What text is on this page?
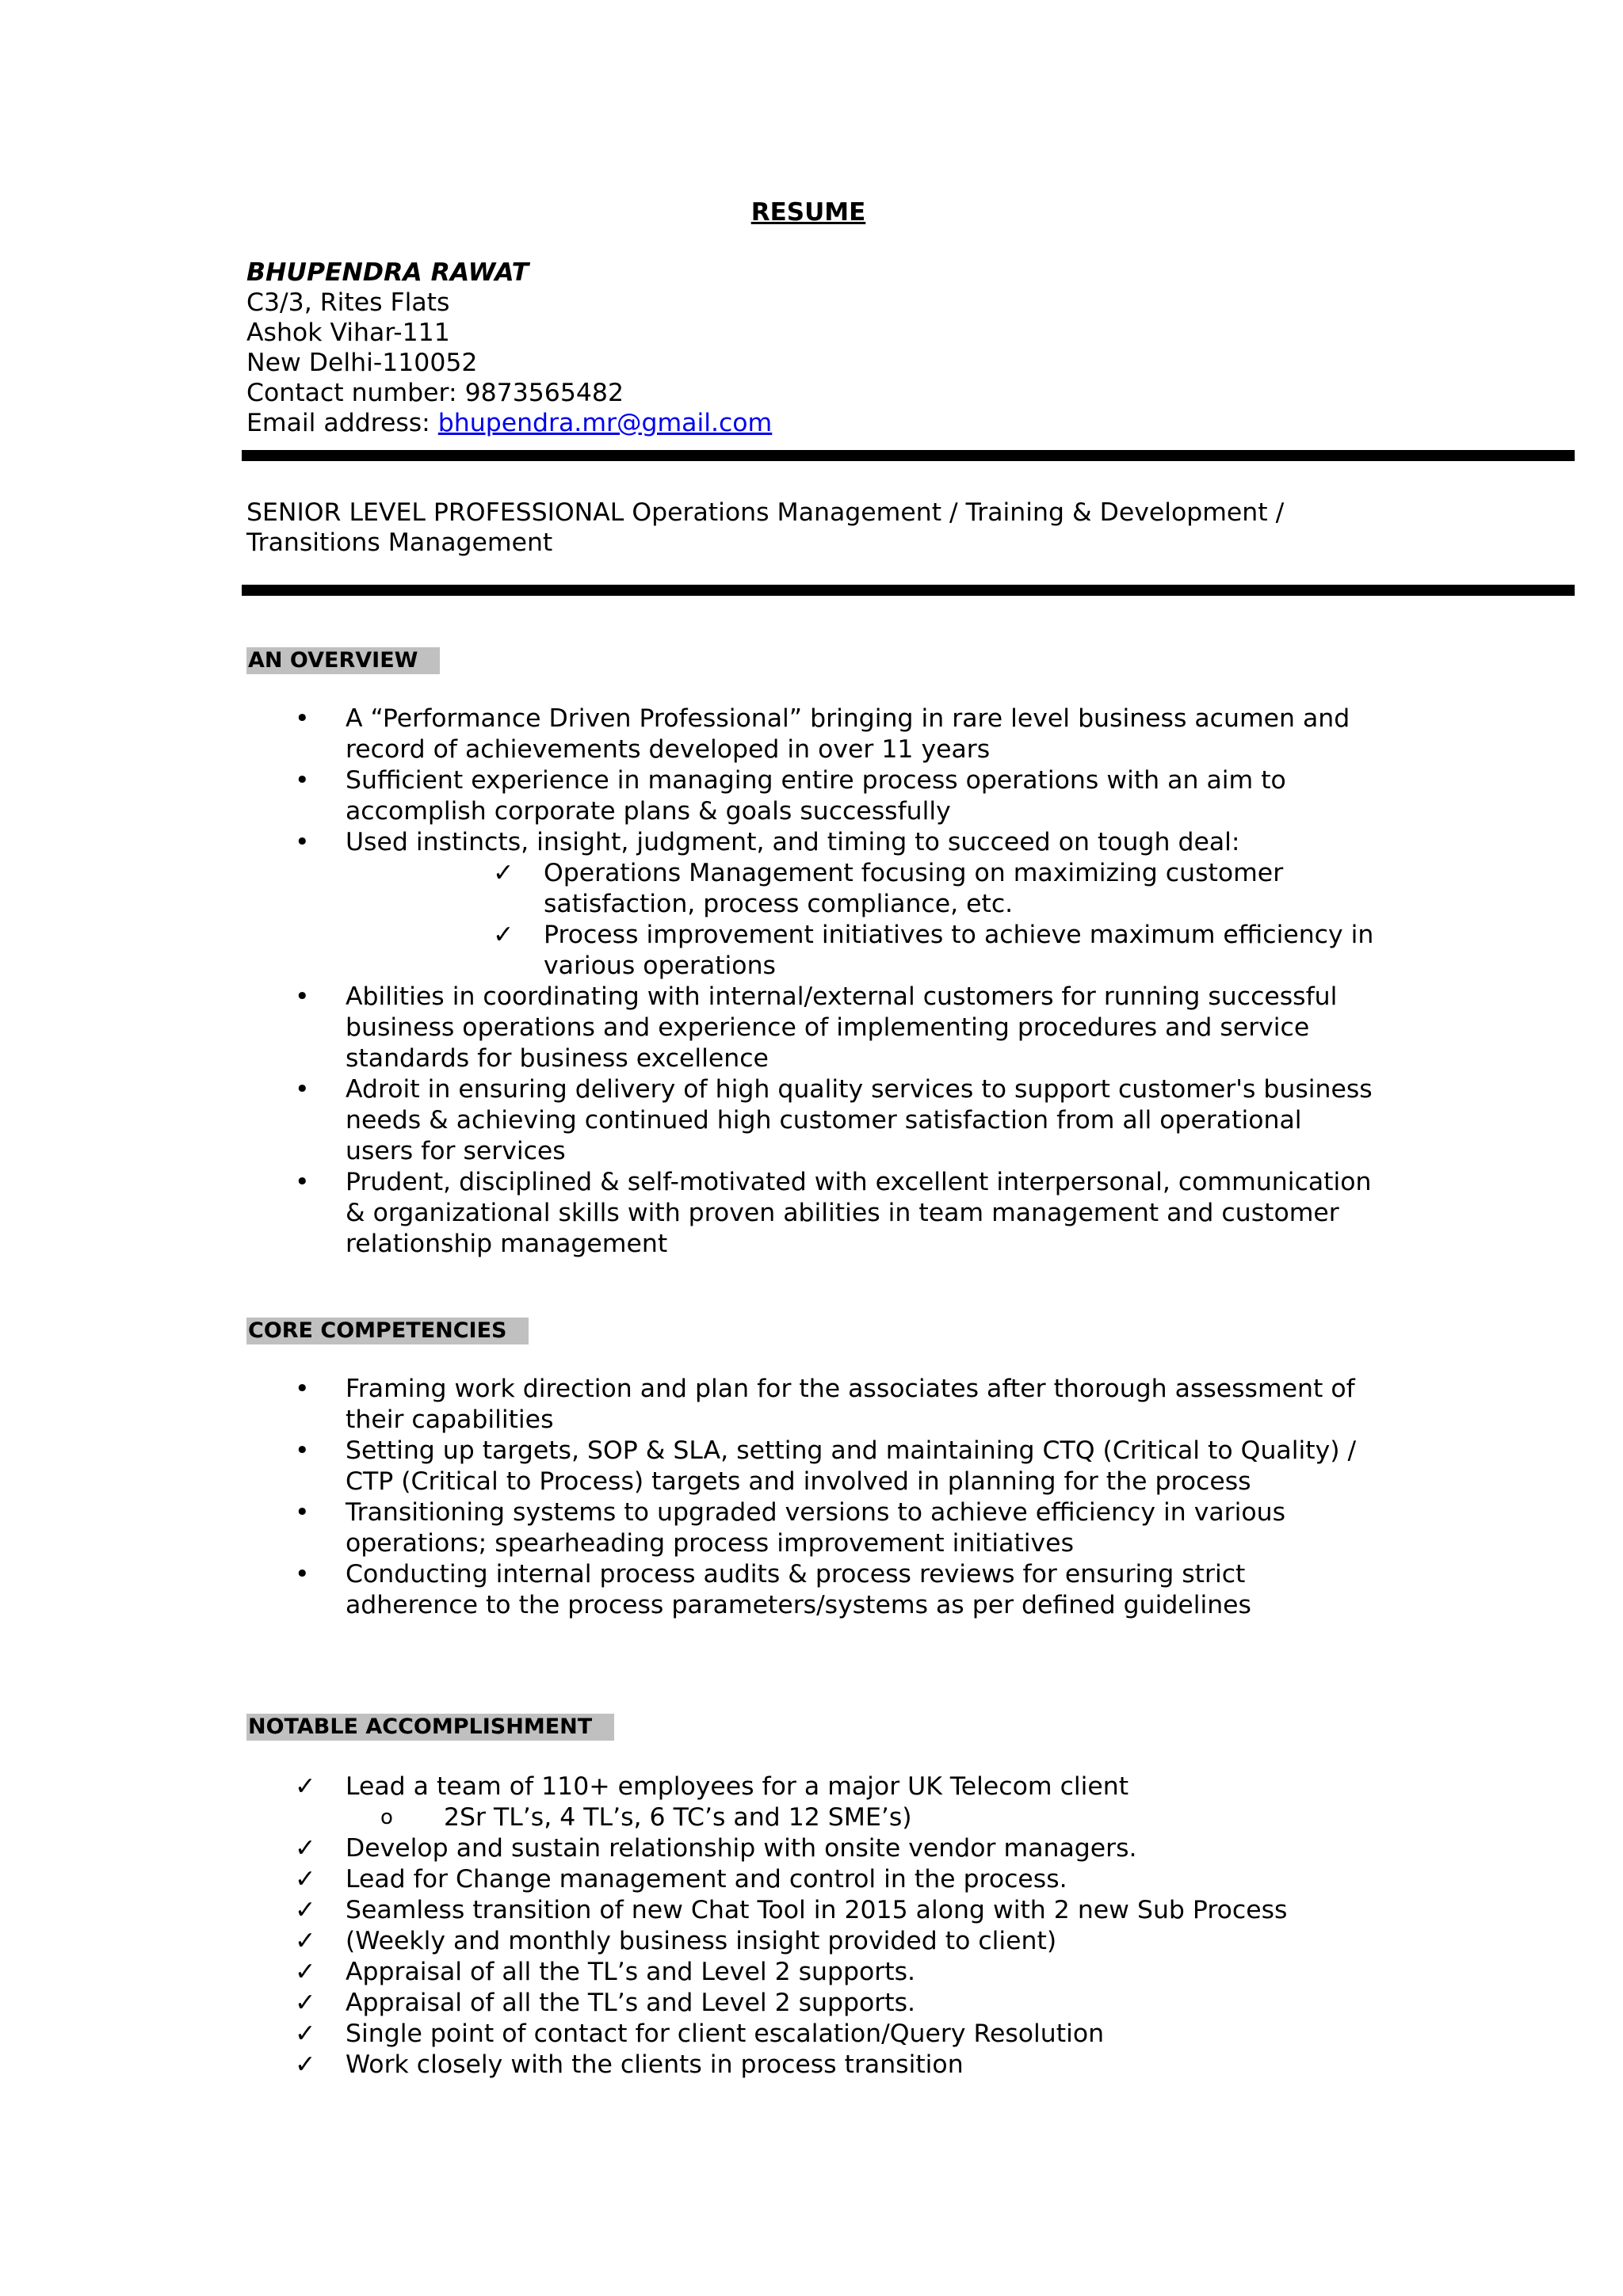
RESUME
BHUPENDRA RAWAT
C3/3, Rites Flats
Ashok Vihar-111
New Delhi-110052
Contact number: 9873565482
Email address: bhupendra.mr@gmail.com
SENIOR LEVEL PROFESSIONAL Operations Management / Training & Development /
Transitions Management
AN OVERVIEW
• A “Performance Driven Professional” bringing in rare level business acumen and record of achievements developed in over 11 years
• Sufficient experience in managing entire process operations with an aim to accomplish corporate plans & goals successfully
• Used instincts, insight, judgment, and timing to succeed on tough deal:
✓ Operations Management focusing on maximizing customer satisfaction, process compliance, etc.
✓ Process improvement initiatives to achieve maximum efficiency in various operations
• Abilities in coordinating with internal/external customers for running successful business operations and experience of implementing procedures and service standards for business excellence
• Adroit in ensuring delivery of high quality services to support customer's business needs & achieving continued high customer satisfaction from all operational users for services
• Prudent, disciplined & self-motivated with excellent interpersonal, communication & organizational skills with proven abilities in team management and customer relationship management
CORE COMPETENCIES
• Framing work direction and plan for the associates after thorough assessment of their capabilities
• Setting up targets, SOP & SLA, setting and maintaining CTQ (Critical to Quality) / CTP (Critical to Process) targets and involved in planning for the process
• Transitioning systems to upgraded versions to achieve efficiency in various operations; spearheading process improvement initiatives
• Conducting internal process audits & process reviews for ensuring strict adherence to the process parameters/systems as per defined guidelines
NOTABLE ACCOMPLISHMENT
✓ Lead a team of 110+ employees for a major UK Telecom client
o 2Sr TL’s, 4 TL’s, 6 TC’s and 12 SME’s)
✓ Develop and sustain relationship with onsite vendor managers.
✓ Lead for Change management and control in the process.
✓ Seamless transition of new Chat Tool in 2015 along with 2 new Sub Process
✓ (Weekly and monthly business insight provided to client)
✓ Appraisal of all the TL’s and Level 2 supports.
✓ Appraisal of all the TL’s and Level 2 supports.
✓ Single point of contact for client escalation/Query Resolution
✓ Work closely with the clients in process transition
